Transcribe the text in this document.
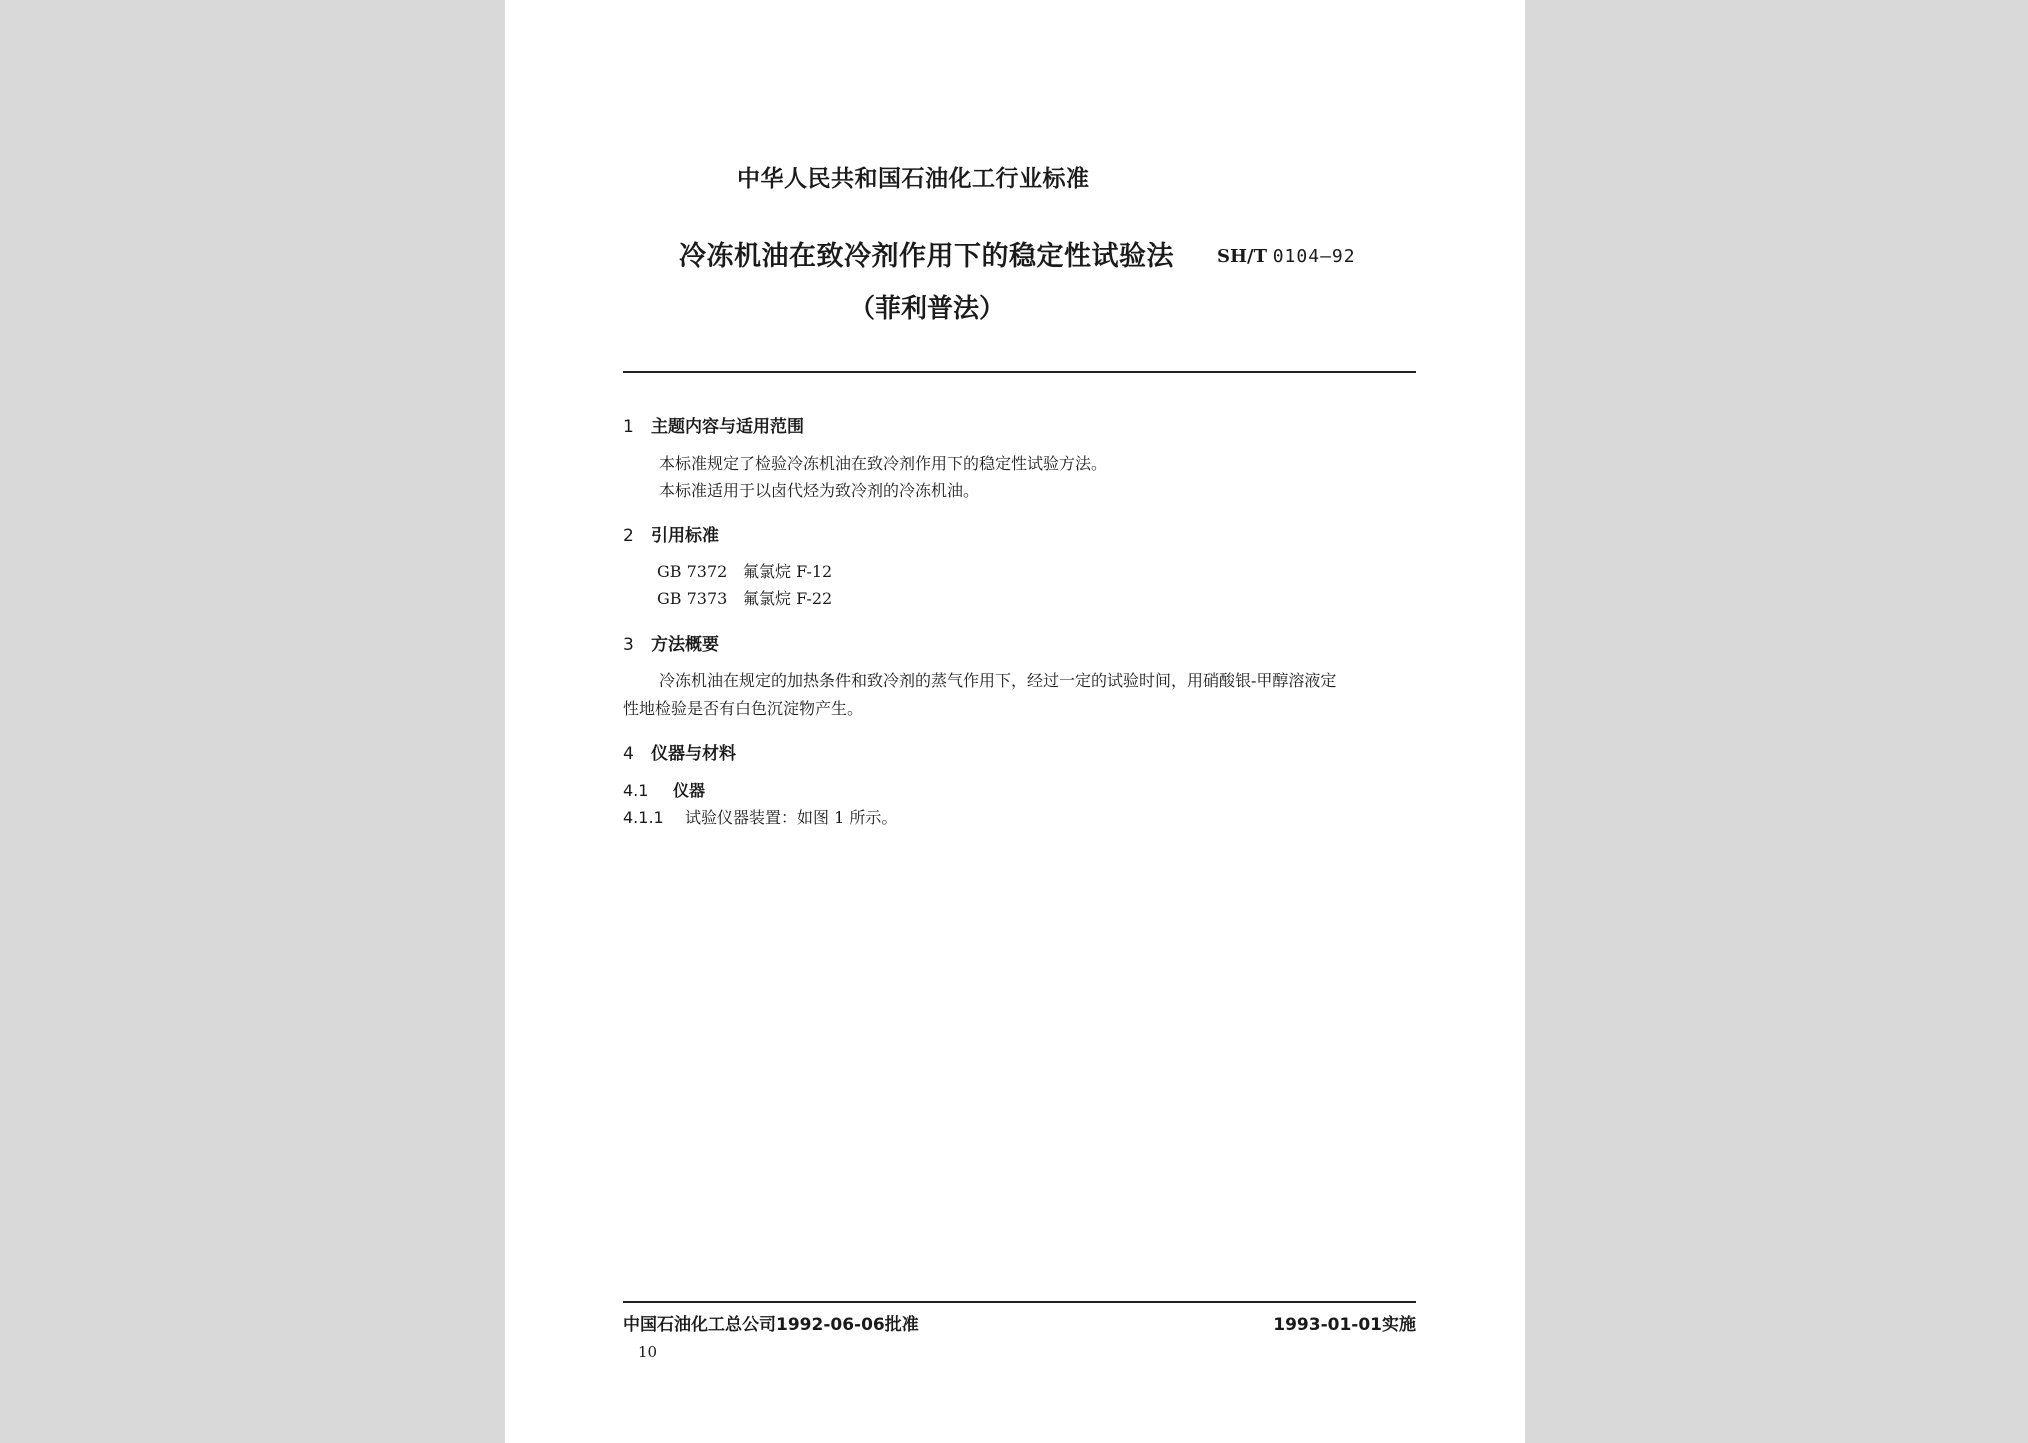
中华人民共和国石油化工行业标准
冷冻机油在致冷剂作用下的稳定性试验法 SH/T 0104—92
（菲利普法）
1 主题内容与适用范围
本标准规定了检验冷冻机油在致冷剂作用下的稳定性试验方法。
本标准适用于以卤代烃为致冷剂的冷冻机油。
2 引用标准
GB 7372 氟氯烷 F-12
GB 7373 氟氯烷 F-22
3 方法概要
冷冻机油在规定的加热条件和致冷剂的蒸气作用下，经过一定的试验时间，用硝酸银-甲醇溶液定
性地检验是否有白色沉淀物产生。
4 仪器与材料
4.1 仪器
4.1.1 试验仪器装置：如图 1 所示。
中国石油化工总公司1992-06-06批准	1993-01-01实施
10
